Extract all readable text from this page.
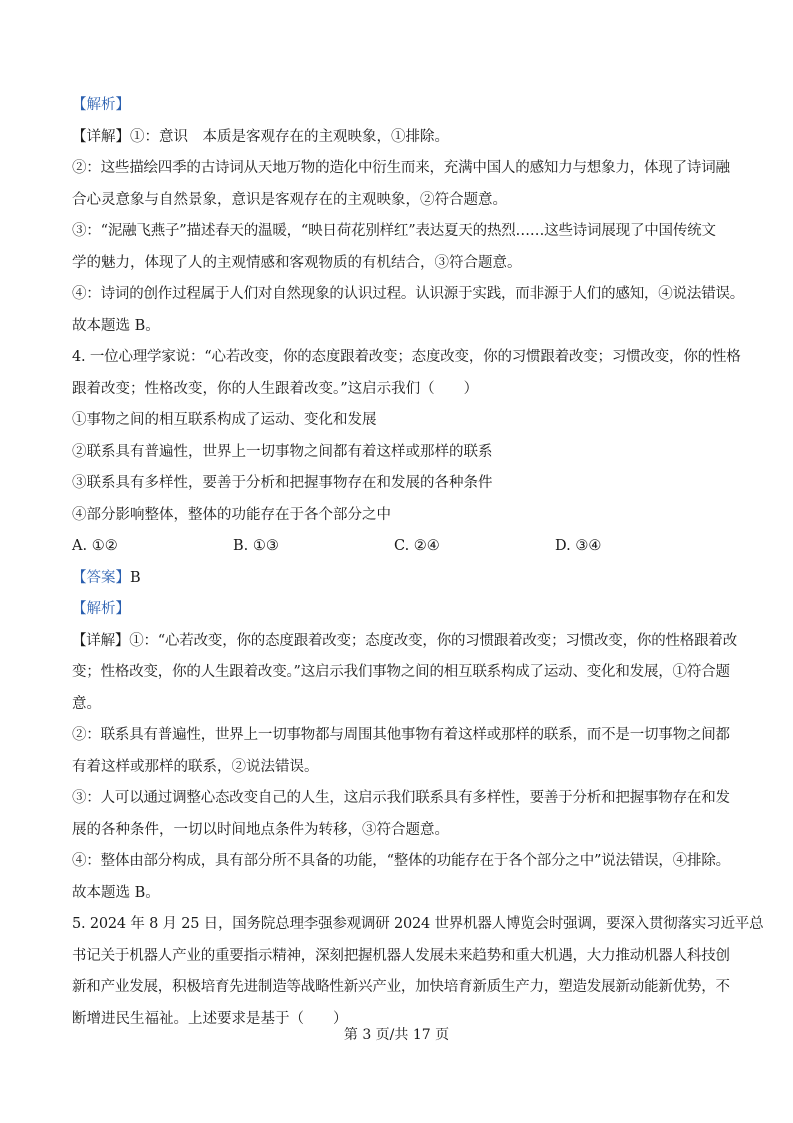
【解析】
【详解】①：意识　本质是客观存在的主观映象，①排除。
②：这些描绘四季的古诗词从天地万物的造化中衍生而来，充满中国人的感知力与想象力，体现了诗词融
合心灵意象与自然景象，意识是客观存在的主观映象，②符合题意。
③：“泥融飞燕子”描述春天的温暖，“映日荷花别样红”表达夏天的热烈……这些诗词展现了中国传统文
学的魅力，体现了人的主观情感和客观物质的有机结合，③符合题意。
④：诗词的创作过程属于人们对自然现象的认识过程。认识源于实践，而非源于人们的感知，④说法错误。
故本题选 B。
4. 一位心理学家说：“心若改变，你的态度跟着改变；态度改变，你的习惯跟着改变；习惯改变，你的性格
跟着改变；性格改变，你的人生跟着改变。”这启示我们（　　）
①事物之间的相互联系构成了运动、变化和发展
②联系具有普遍性，世界上一切事物之间都有着这样或那样的联系
③联系具有多样性，要善于分析和把握事物存在和发展的各种条件
④部分影响整体，整体的功能存在于各个部分之中
A. ①②	B. ①③	C. ②④	D. ③④
【答案】B
【解析】
【详解】①：“心若改变，你的态度跟着改变；态度改变，你的习惯跟着改变；习惯改变，你的性格跟着改
变；性格改变，你的人生跟着改变。”这启示我们事物之间的相互联系构成了运动、变化和发展，①符合题
意。
②：联系具有普遍性，世界上一切事物都与周围其他事物有着这样或那样的联系，而不是一切事物之间都
有着这样或那样的联系，②说法错误。
③：人可以通过调整心态改变自己的人生，这启示我们联系具有多样性，要善于分析和把握事物存在和发
展的各种条件，一切以时间地点条件为转移，③符合题意。
④：整体由部分构成，具有部分所不具备的功能，“整体的功能存在于各个部分之中”说法错误，④排除。
故本题选 B。
5. 2024 年 8 月 25 日，国务院总理李强参观调研 2024 世界机器人博览会时强调，要深入贯彻落实习近平总
书记关于机器人产业的重要指示精神，深刻把握机器人发展未来趋势和重大机遇，大力推动机器人科技创
新和产业发展，积极培育先进制造等战略性新兴产业，加快培育新质生产力，塑造发展新动能新优势，不
断增进民生福祉。上述要求是基于（　　）
第 3 页/共 17 页
